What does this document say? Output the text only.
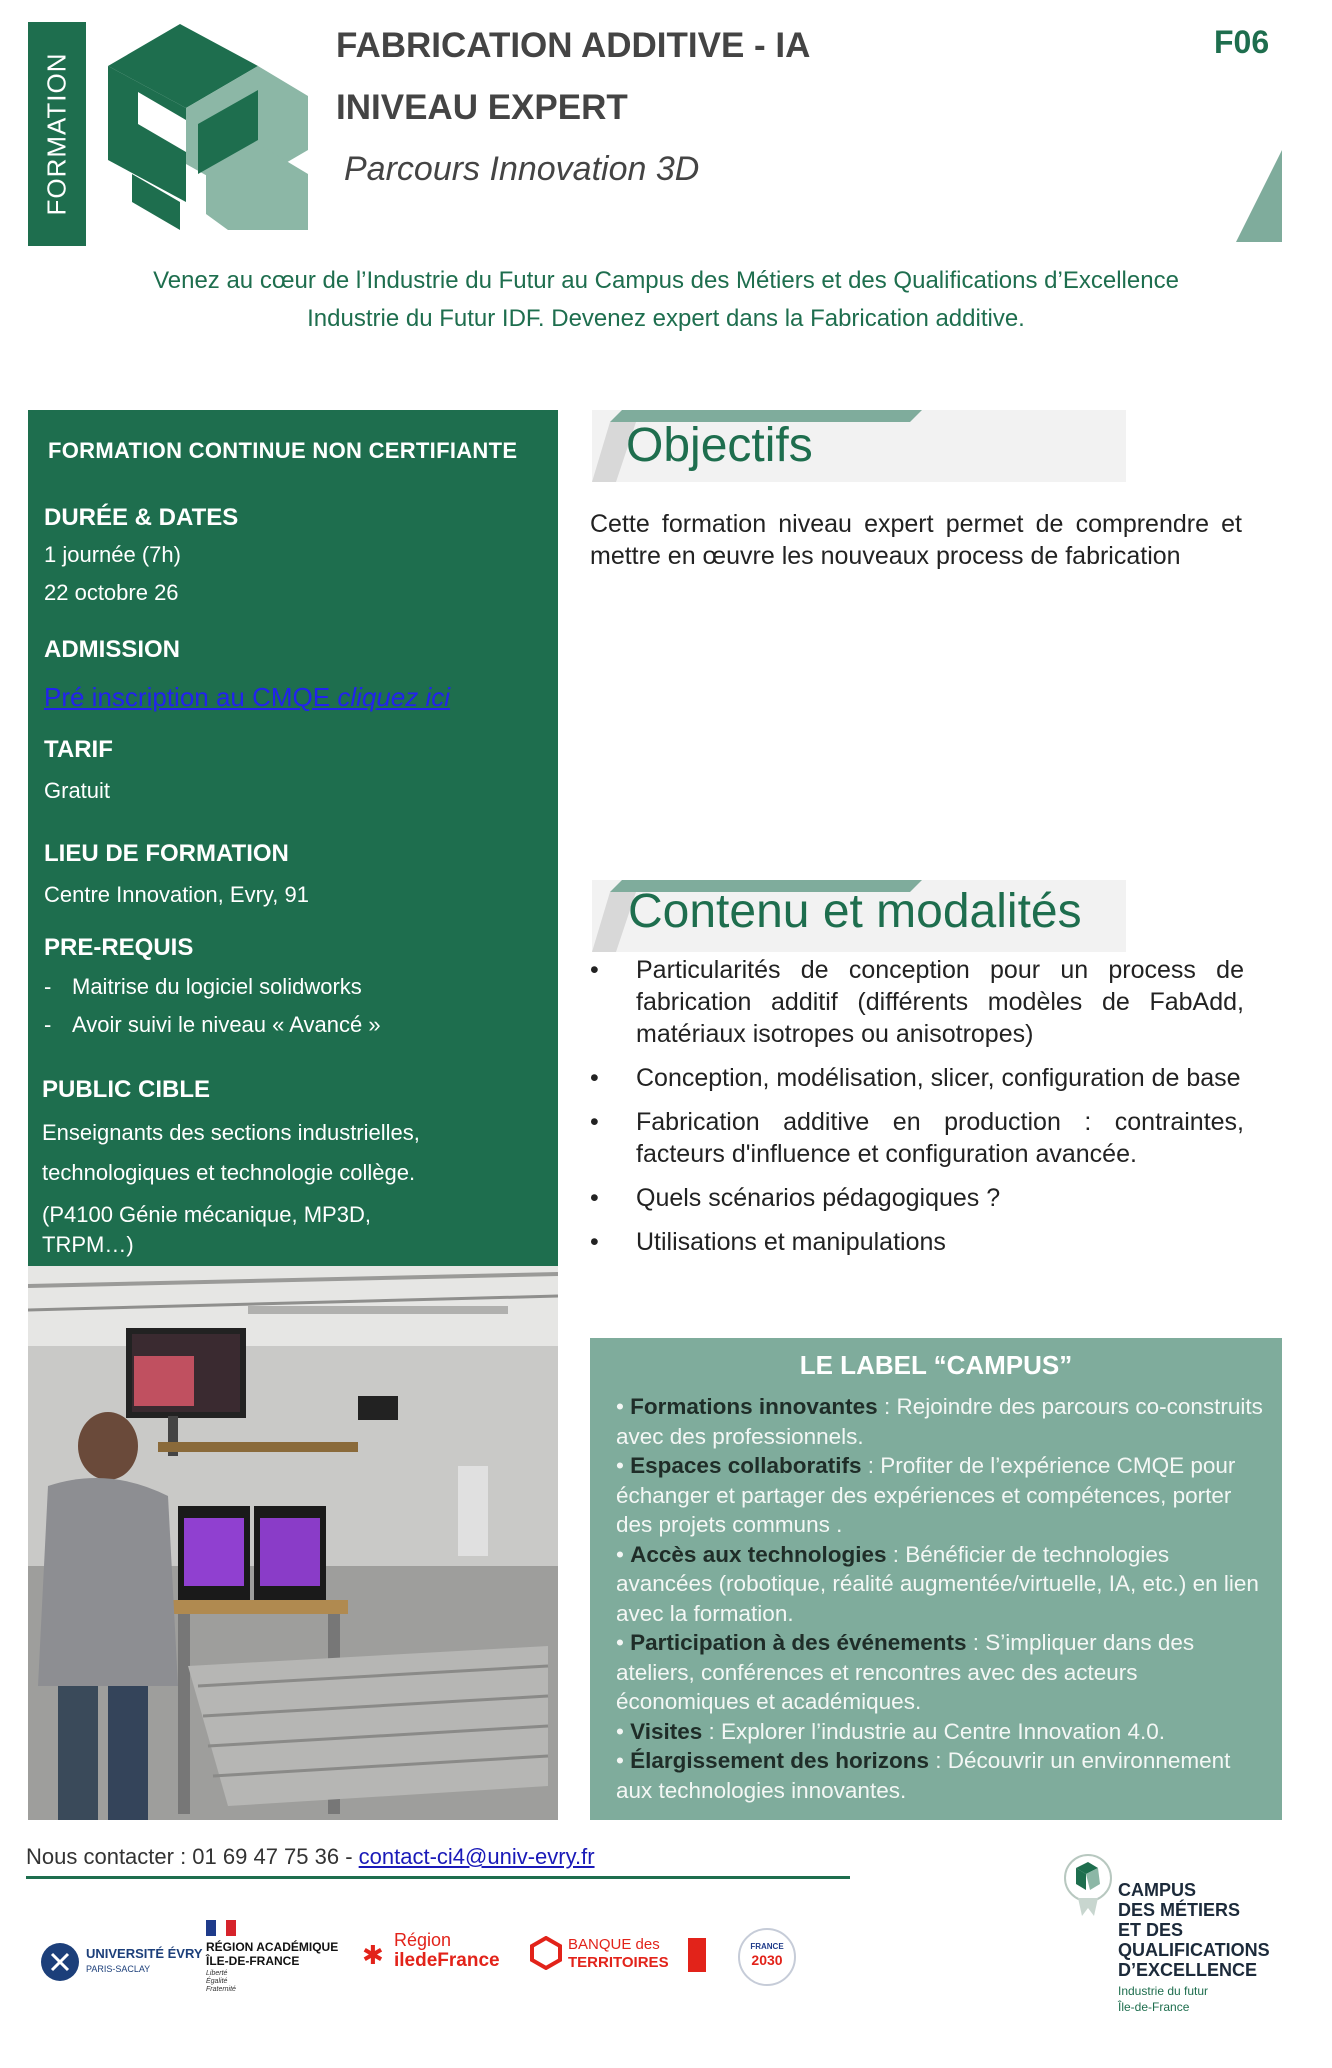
FORMATION
FABRICATION ADDITIVE - IA
INIVEAU EXPERT
Parcours Innovation 3D
F06
Venez au cœur de l’Industrie du Futur au Campus des Métiers et des Qualifications d’Excellence
Industrie du Futur IDF. Devenez expert dans la Fabrication additive.
FORMATION CONTINUE NON CERTIFIANTE
DURÉE & DATES
1 journée (7h)
22 octobre 26
ADMISSION
Pré inscription au CMQE cliquez ici
TARIF
Gratuit
LIEU DE FORMATION
Centre Innovation, Evry, 91
PRE-REQUIS
- Maitrise du logiciel solidworks
- Avoir suivi le niveau « Avancé »
PUBLIC CIBLE
Enseignants des sections industrielles,
technologiques et technologie collège.
(P4100 Génie mécanique, MP3D,
TRPM…)
Objectifs
Cette formation niveau expert permet de comprendre et mettre en œuvre les nouveaux process de fabrication
Contenu et modalités
• Particularités de conception pour un process de fabrication additif (différents modèles de FabAdd, matériaux isotropes ou anisotropes)
• Conception, modélisation, slicer, configuration de base
• Fabrication additive en production : contraintes, facteurs d'influence et configuration avancée.
• Quels scénarios pédagogiques ?
• Utilisations et manipulations
LE LABEL “CAMPUS”
• Formations innovantes : Rejoindre des parcours co-construits avec des professionnels.
• Espaces collaboratifs : Profiter de l’expérience CMQE pour échanger et partager des expériences et compétences, porter des projets communs .
• Accès aux technologies : Bénéficier de technologies avancées (robotique, réalité augmentée/virtuelle, IA, etc.) en lien avec la formation.
• Participation à des événements : S’impliquer dans des ateliers, conférences et rencontres avec des acteurs économiques et académiques.
• Visites : Explorer l’industrie au Centre Innovation 4.0.
• Élargissement des horizons : Découvrir un environnement aux technologies innovantes.
Nous contacter : 01 69 47 75 36 - contact-ci4@univ-evry.fr
UNIVERSITÉ ÉVRY
PARIS-SACLAY
RÉGION ACADÉMIQUE
ÎLE-DE-FRANCE
Liberté
Égalité
Fraternité
✱ Région
iledeFrance
BANQUE des
TERRITOIRES
FRANCE
2030
CAMPUS
DES MÉTIERS
ET DES
QUALIFICATIONS
D’EXCELLENCE
Industrie du futur
Île-de-France
